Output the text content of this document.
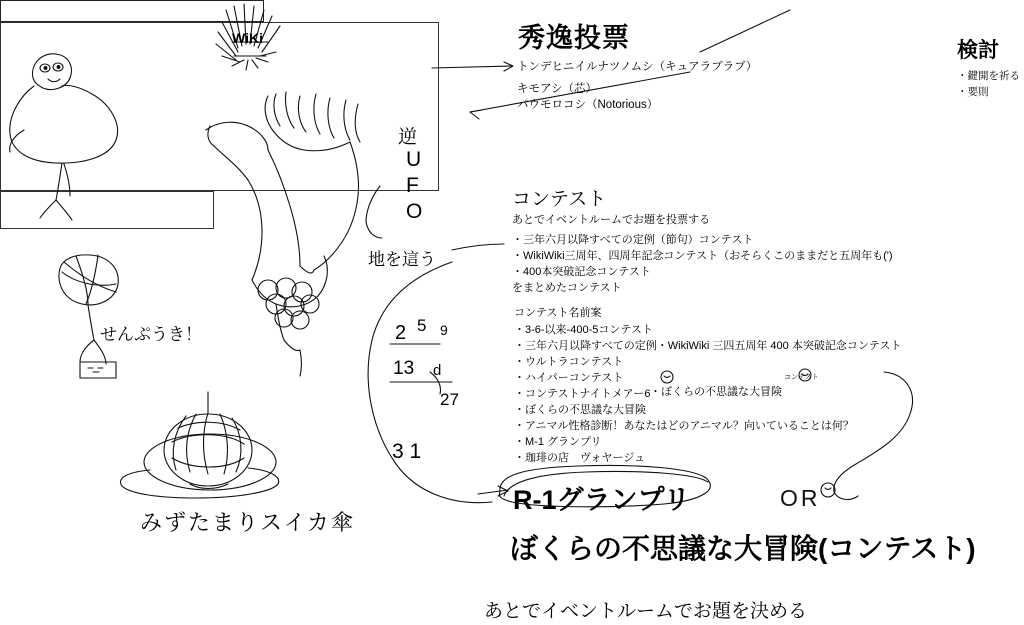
秀逸投票
トンデヒニイルナツノムシ（キュアラブラブ）
キモアシ（芯）
パウモロコシ（Notorious）
検討
・鍵開を祈る
・要則
コンテスト
あとでイベントルームでお題を投票する
・三年六月以降すべての定例（節句）コンテスト
・WikiWiki三周年、四周年記念コンテスト（おそらくこのままだと五周年も(')
・400本突破記念コンテスト
をまとめたコンテスト
コンテスト名前案
・3-6-以来-400-5コンテスト
・三年六月以降すべての定例・WikiWiki 三四五周年 400 本突破記念コンテスト
・ウルトラコンテスト
・ハイパーコンテスト
・コンテストナイトメアー6
・ぼくらの不思議な大冒険
・アニマル性格診断！あなたはどのアニマル？向いていることは何？
・M-1 グランプリ
・珈琲の店　ヴォヤージュ
・ぼくらの不思議な大冒険
コンテスト
R-1グランプリ	OR
ぼくらの不思議な大冒険(コンテスト)
あとでイベントルームでお題を決める
WiKi
逆
U
F
O
地を這う
せんぷうき！
みずたまりスイカ傘
2 5 9
13 d
27
3 1
